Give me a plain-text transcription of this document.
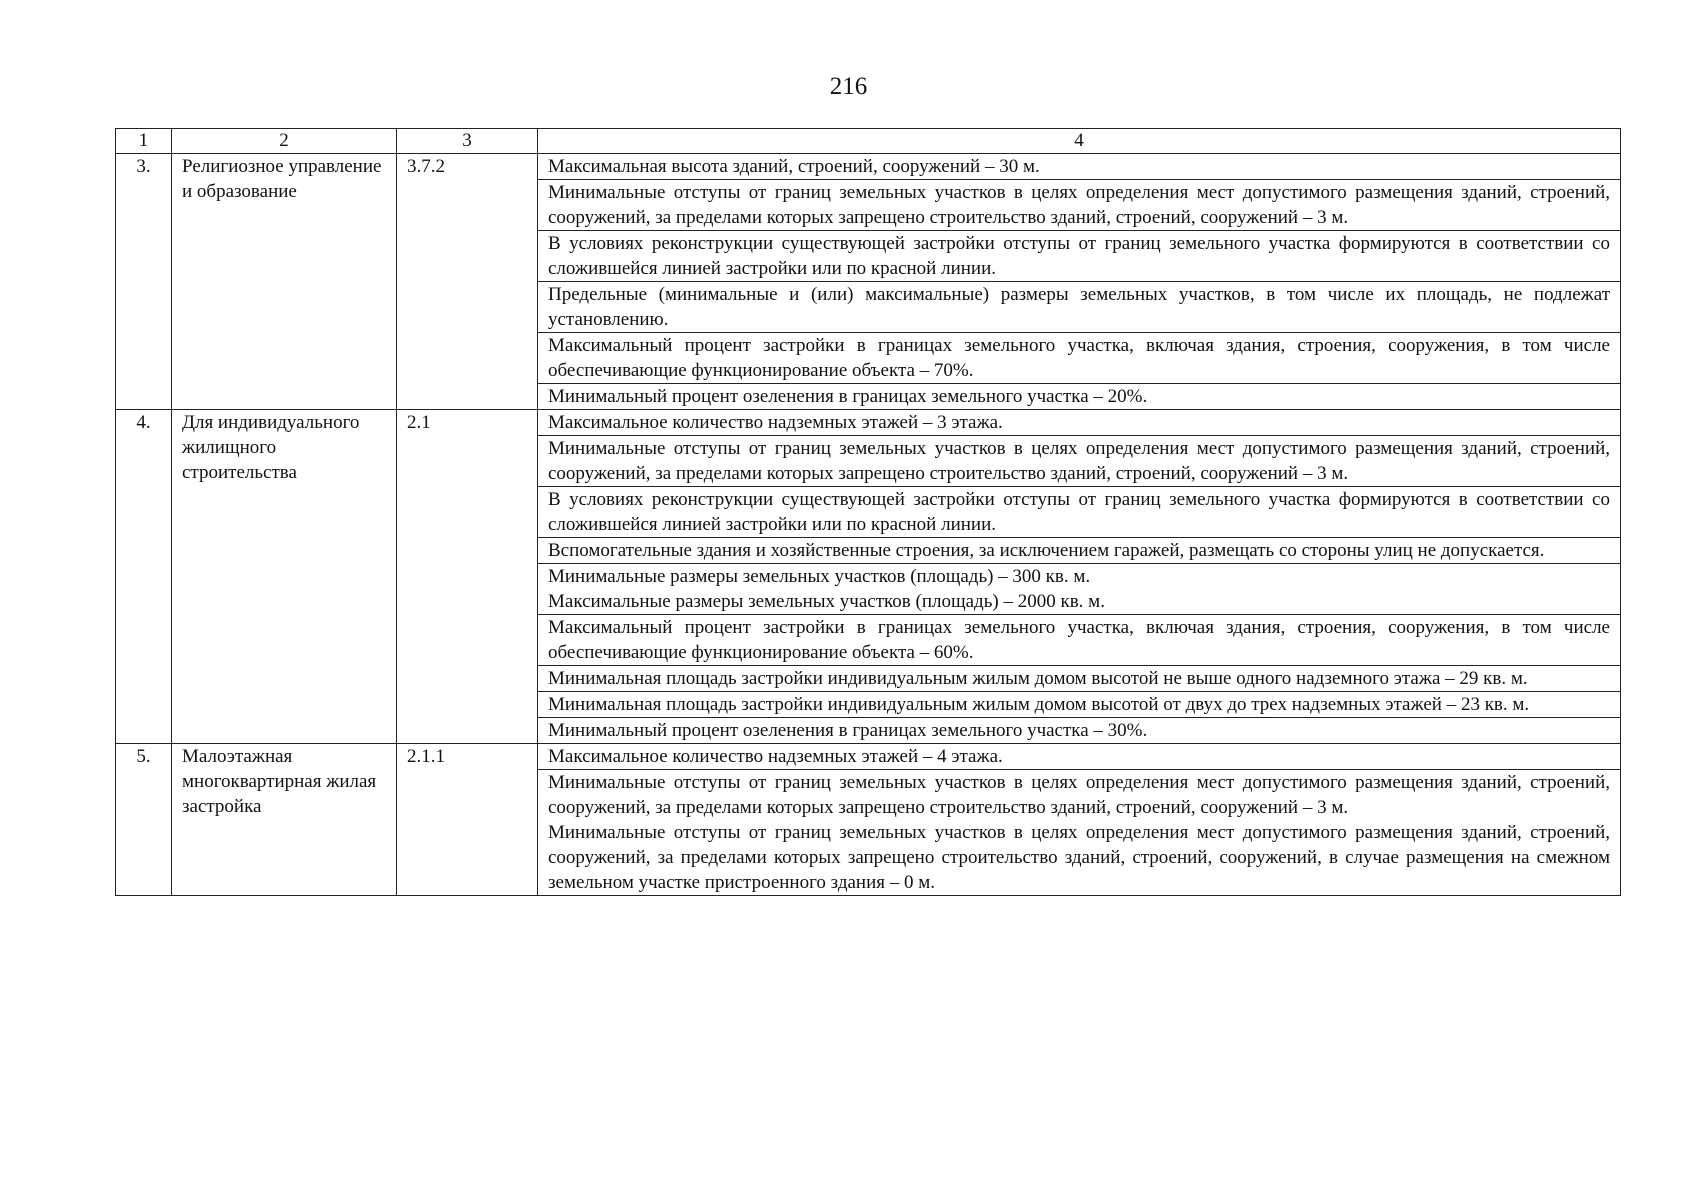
216
1	2	3	4
3.	Религиозное управление и образование	3.7.2	Максимальная высота зданий, строений, сооружений – 30 м.
			Минимальные отступы от границ земельных участков в целях определения мест допустимого размещения зданий, строений, сооружений, за пределами которых запрещено строительство зданий, строений, сооружений – 3 м.
			В условиях реконструкции существующей застройки отступы от границ земельного участка формируются в соответствии со сложившейся линией застройки или по красной линии.
			Предельные (минимальные и (или) максимальные) размеры земельных участков, в том числе их площадь, не подлежат установлению.
			Максимальный процент застройки в границах земельного участка, включая здания, строения, сооружения, в том числе обеспечивающие функционирование объекта – 70%.
			Минимальный процент озеленения в границах земельного участка – 20%.
4.	Для индивидуального жилищного строительства	2.1	Максимальное количество надземных этажей – 3 этажа.
			Минимальные отступы от границ земельных участков в целях определения мест допустимого размещения зданий, строений, сооружений, за пределами которых запрещено строительство зданий, строений, сооружений – 3 м.
			В условиях реконструкции существующей застройки отступы от границ земельного участка формируются в соответствии со сложившейся линией застройки или по красной линии.
			Вспомогательные здания и хозяйственные строения, за исключением гаражей, размещать со стороны улиц не допускается.

			Минимальные размеры земельных участков (площадь) – 300 кв. м.
Максимальные размеры земельных участков (площадь) – 2000 кв. м.

			Максимальный процент застройки в границах земельного участка, включая здания, строения, сооружения, в том числе обеспечивающие функционирование объекта – 60%.
			Минимальная площадь застройки индивидуальным жилым домом высотой не выше одного надземного этажа – 29 кв. м.
			Минимальная площадь застройки индивидуальным жилым домом высотой от двух до трех надземных этажей – 23 кв. м.
			Минимальный процент озеленения в границах земельного участка – 30%.
5.	Малоэтажная многоквартирная жилая застройка	2.1.1	Максимальное количество надземных этажей – 4 этажа.

			Минимальные отступы от границ земельных участков в целях определения мест допустимого размещения зданий, строений, сооружений, за пределами которых запрещено строительство зданий, строений, сооружений – 3 м.
Минимальные отступы от границ земельных участков в целях определения мест допустимого размещения зданий, строений, сооружений, за пределами которых запрещено строительство зданий, строений, сооружений, в случае размещения на смежном земельном участке пристроенного здания – 0 м.
